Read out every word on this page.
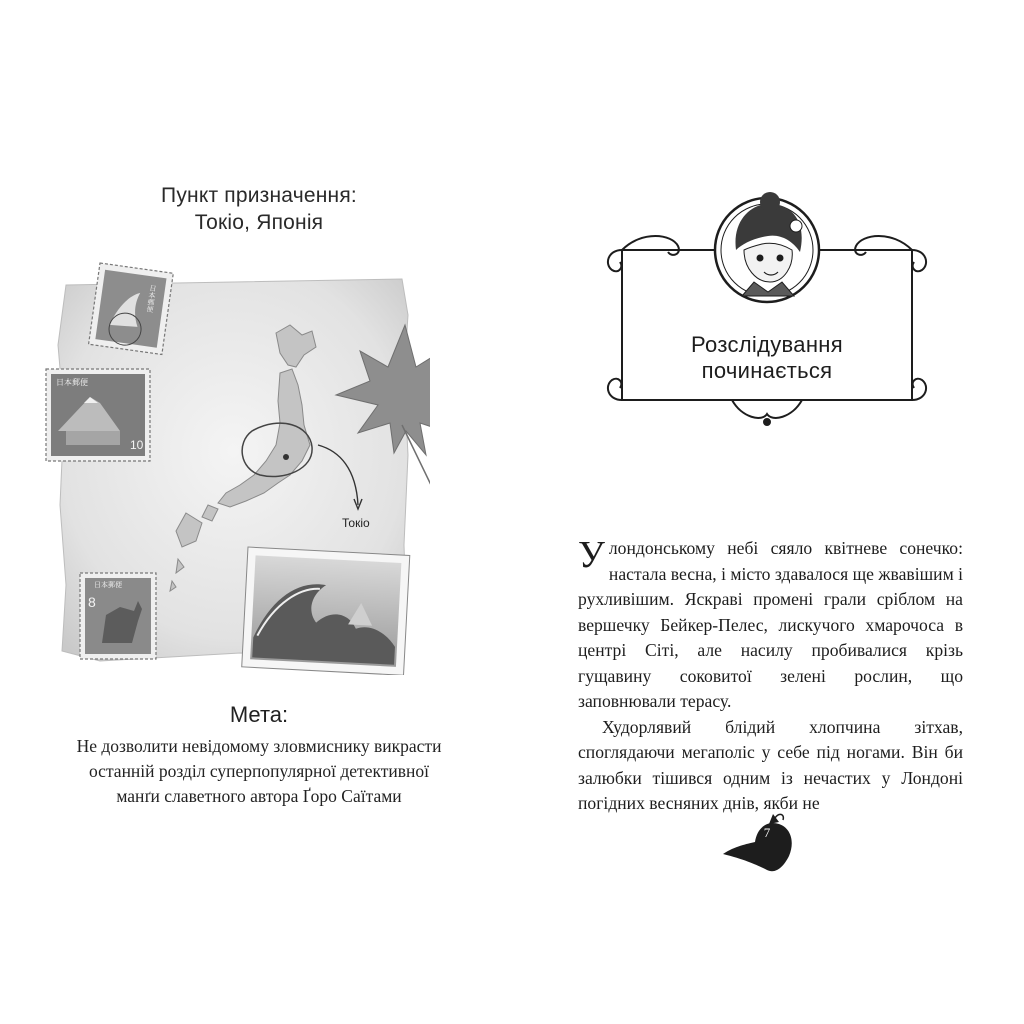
Пункт призначення:
Токіо, Японія
Токіо
日本郵便
日本郵便
10
日本郵便
8
Мета:
Не дозволити невідомому зловмиснику викрасти
останній розділ суперпопулярної детективної
манґи славетного автора Ґоро Саїтами
Розслідування
починається

У лондонському небі сяяло квітневе сонечко: настала весна, і місто здавалося ще жвавішим і рухливішим. Яскраві промені грали сріблом на вершечку Бейкер-Пелес, лискучого хмарочоса в центрі Сіті, але насилу пробивалися крізь гущавину соковитої зелені рослин, що заповнювали терасу.

Худорлявий блідий хлопчина зітхав, споглядаючи мегаполіс у себе під ногами. Він би залюбки тішився одним із нечастих у Лондоні погідних весняних днів, якби не

7
